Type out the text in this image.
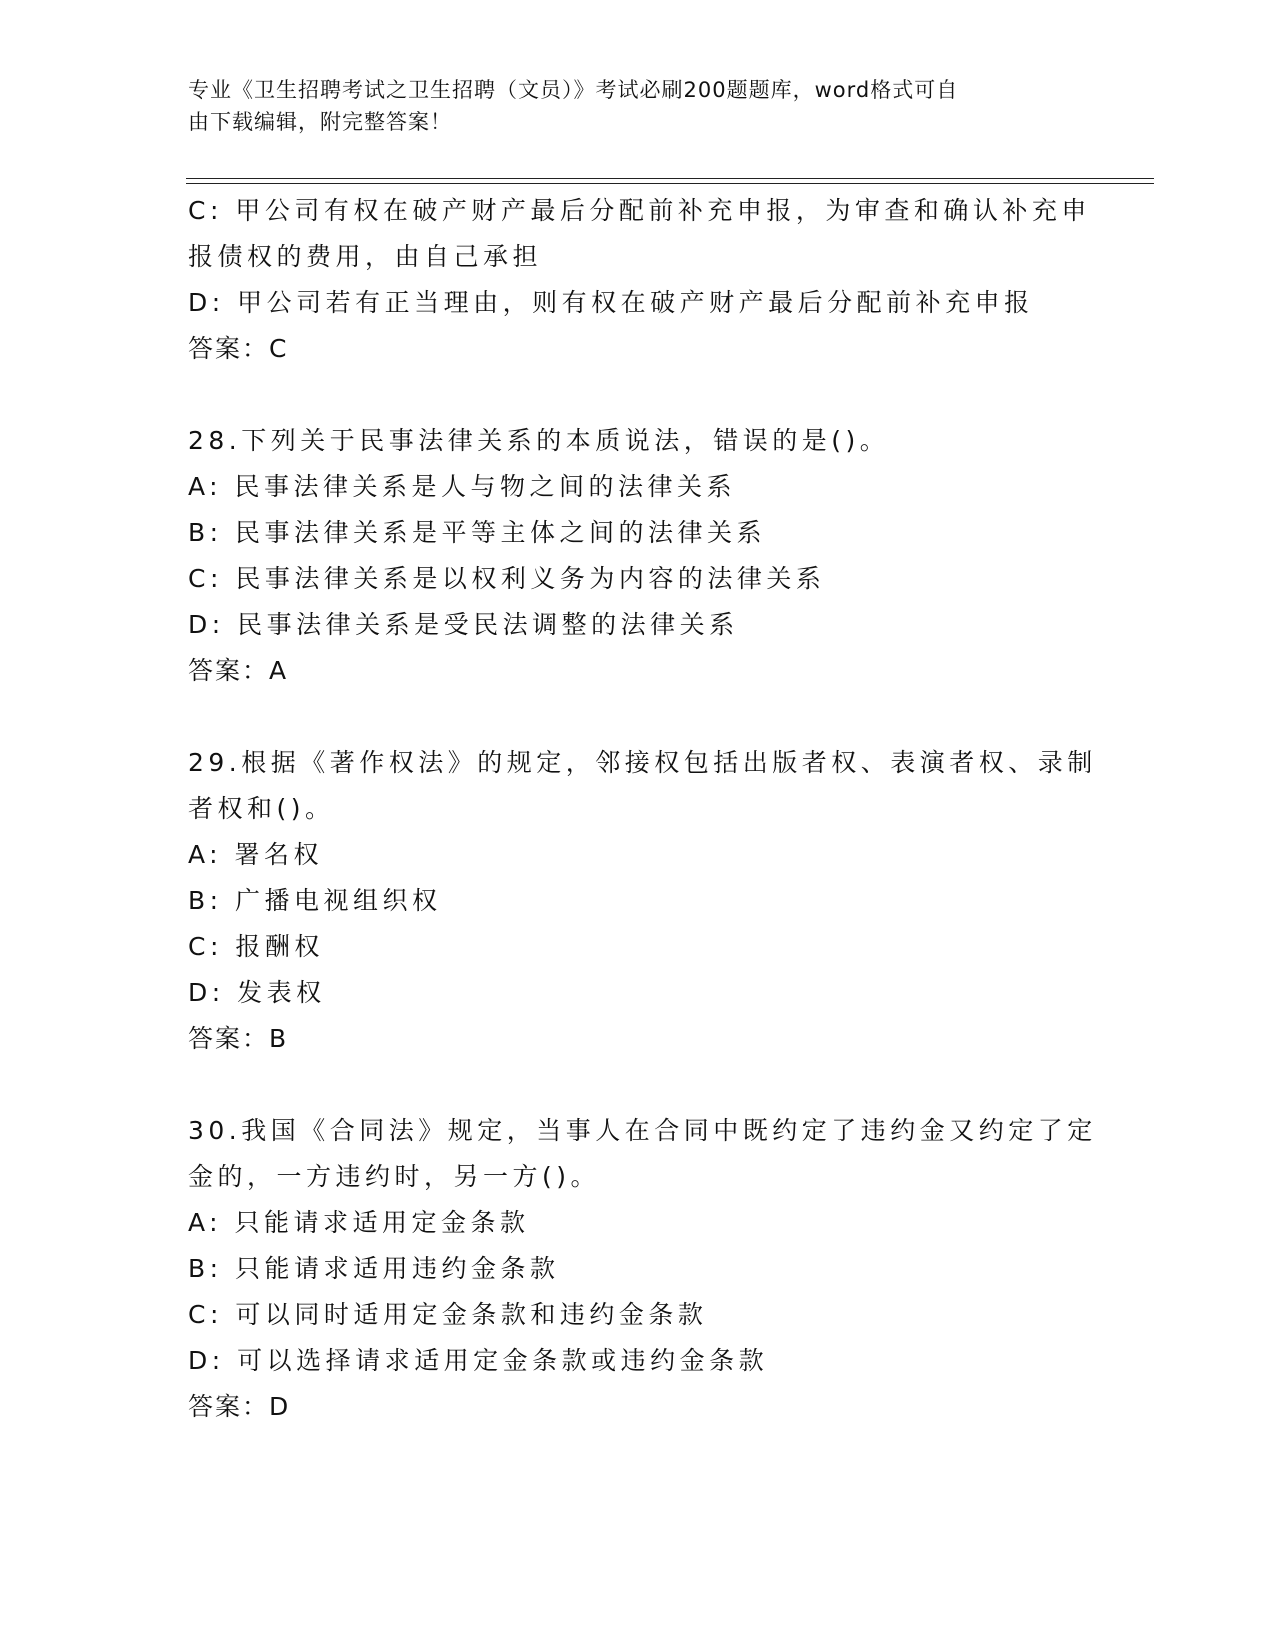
专业《卫生招聘考试之卫生招聘（文员）》考试必刷200题题库，word格式可自
由下载编辑，附完整答案！
C: 甲公司有权在破产财产最后分配前补充申报，为审查和确认补充申
报债权的费用，由自己承担
D: 甲公司若有正当理由，则有权在破产财产最后分配前补充申报
答案：C
28.下列关于民事法律关系的本质说法，错误的是()。
A: 民事法律关系是人与物之间的法律关系
B: 民事法律关系是平等主体之间的法律关系
C: 民事法律关系是以权利义务为内容的法律关系
D: 民事法律关系是受民法调整的法律关系
答案：A
29.根据《著作权法》的规定，邻接权包括出版者权、表演者权、录制
者权和()。
A: 署名权
B: 广播电视组织权
C: 报酬权
D: 发表权
答案：B
30.我国《合同法》规定，当事人在合同中既约定了违约金又约定了定
金的，一方违约时，另一方()。
A: 只能请求适用定金条款
B: 只能请求适用违约金条款
C: 可以同时适用定金条款和违约金条款
D: 可以选择请求适用定金条款或违约金条款
答案：D
